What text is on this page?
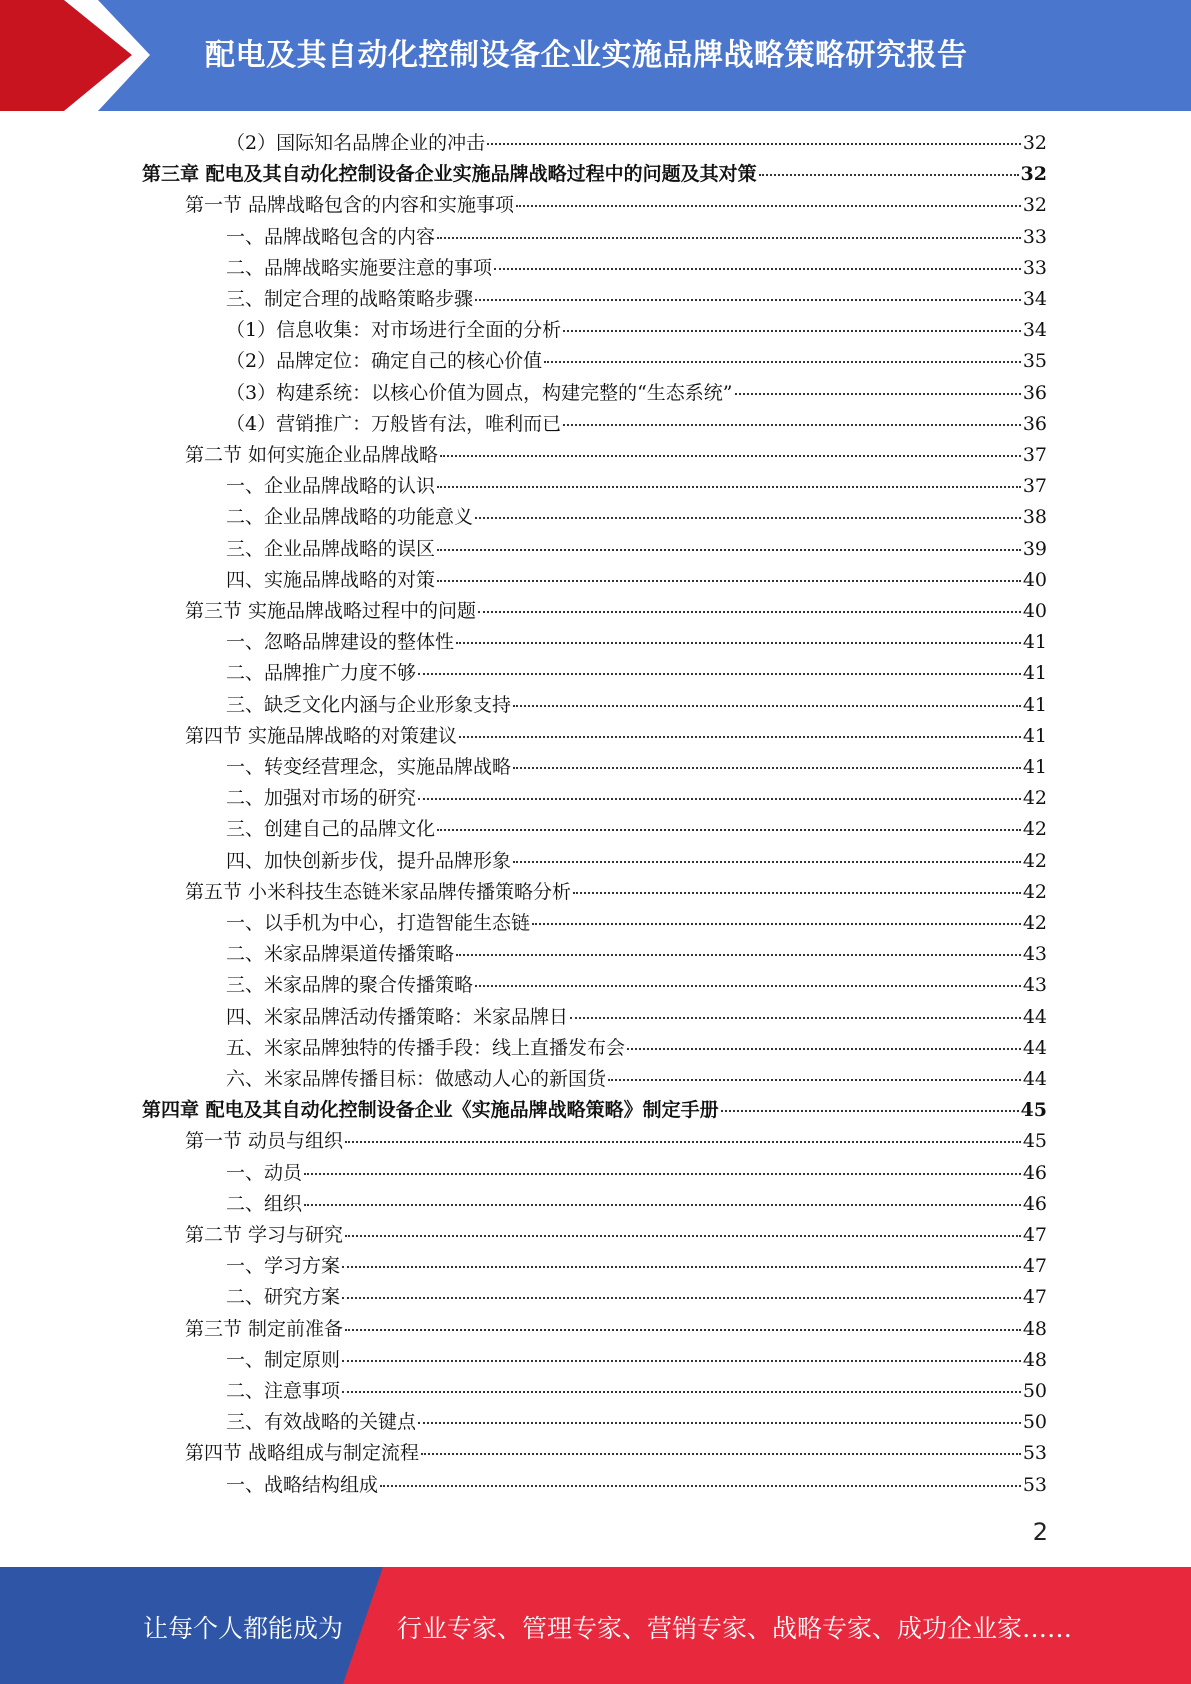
配电及其自动化控制设备企业实施品牌战略策略研究报告
（2）国际知名品牌企业的冲击	32
第三章 配电及其自动化控制设备企业实施品牌战略过程中的问题及其对策	32
第一节 品牌战略包含的内容和实施事项	32
一、品牌战略包含的内容	33
二、品牌战略实施要注意的事项	33
三、制定合理的战略策略步骤	34
（1）信息收集：对市场进行全面的分析	34
（2）品牌定位：确定自己的核心价值	35
（3）构建系统：以核心价值为圆点，构建完整的“生态系统”	36
（4）营销推广：万般皆有法，唯利而已	36
第二节 如何实施企业品牌战略	37
一、企业品牌战略的认识	37
二、企业品牌战略的功能意义	38
三、企业品牌战略的误区	39
四、实施品牌战略的对策	40
第三节 实施品牌战略过程中的问题	40
一、忽略品牌建设的整体性	41
二、品牌推广力度不够	41
三、缺乏文化内涵与企业形象支持	41
第四节 实施品牌战略的对策建议	41
一、转变经营理念，实施品牌战略	41
二、加强对市场的研究	42
三、创建自己的品牌文化	42
四、加快创新步伐，提升品牌形象	42
第五节 小米科技生态链米家品牌传播策略分析	42
一、以手机为中心，打造智能生态链	42
二、米家品牌渠道传播策略	43
三、米家品牌的聚合传播策略	43
四、米家品牌活动传播策略：米家品牌日	44
五、米家品牌独特的传播手段：线上直播发布会	44
六、米家品牌传播目标：做感动人心的新国货	44
第四章 配电及其自动化控制设备企业《实施品牌战略策略》制定手册	45
第一节 动员与组织	45
一、动员	46
二、组织	46
第二节 学习与研究	47
一、学习方案	47
二、研究方案	47
第三节 制定前准备	48
一、制定原则	48
二、注意事项	50
三、有效战略的关键点	50
第四节 战略组成与制定流程	53
一、战略结构组成	53
2
让每个人都能成为 行业专家、管理专家、营销专家、战略专家、成功企业家……
